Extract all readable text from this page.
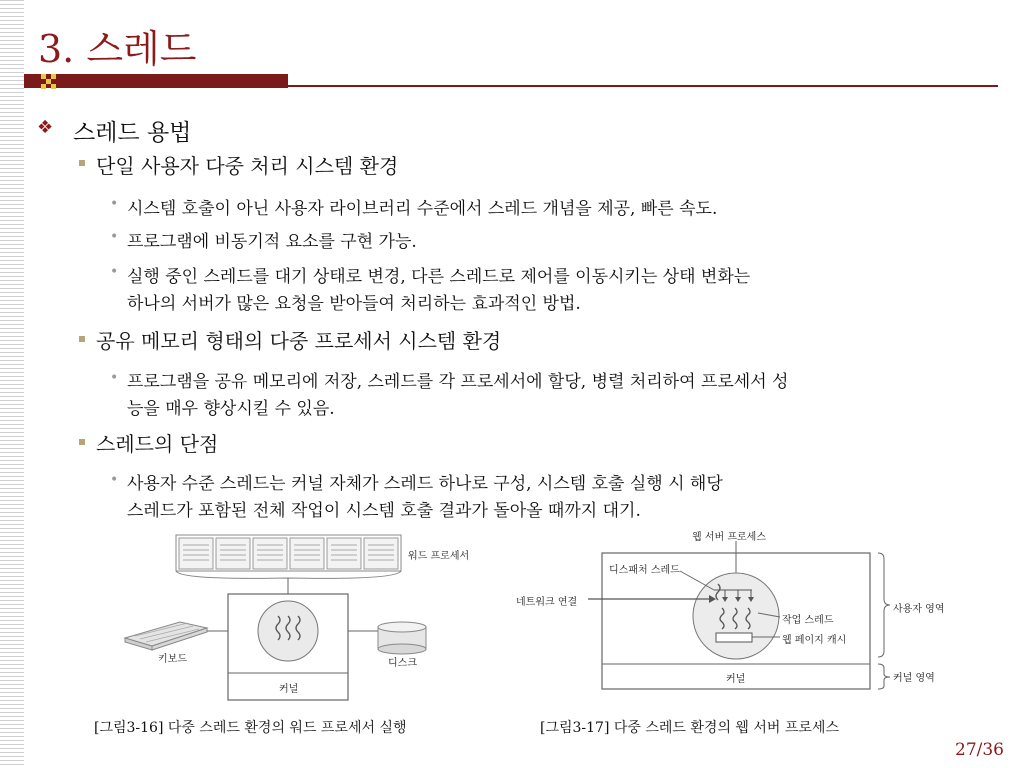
3. 스레드
❖ 스레드 용법
단일 사용자 다중 처리 시스템 환경
• 시스템 호출이 아닌 사용자 라이브러리 수준에서 스레드 개념을 제공, 빠른 속도.
• 프로그램에 비동기적 요소를 구현 가능.
• 실행 중인 스레드를 대기 상태로 변경, 다른 스레드로 제어를 이동시키는 상태 변화는
하나의 서버가 많은 요청을 받아들여 처리하는 효과적인 방법.
공유 메모리 형태의 다중 프로세서 시스템 환경
• 프로그램을 공유 메모리에 저장, 스레드를 각 프로세서에 할당, 병렬 처리하여 프로세서 성
능을 매우 향상시킬 수 있음.
스레드의 단점
• 사용자 수준 스레드는 커널 자체가 스레드 하나로 구성, 시스템 호출 실행 시 해당
스레드가 포함된 전체 작업이 시스템 호출 결과가 돌아올 때까지 대기.
워드 프로세서
키보드	디스크
커널
웹 서버 프로세스
디스패처 스레드
네트워크 연결
작업 스레드
웹 페이지 캐시
사용자 영역
커널	커널 영역
[그림3-16] 다중 스레드 환경의 워드 프로세서 실행	[그림3-17] 다중 스레드 환경의 웹 서버 프로세스
27/36
